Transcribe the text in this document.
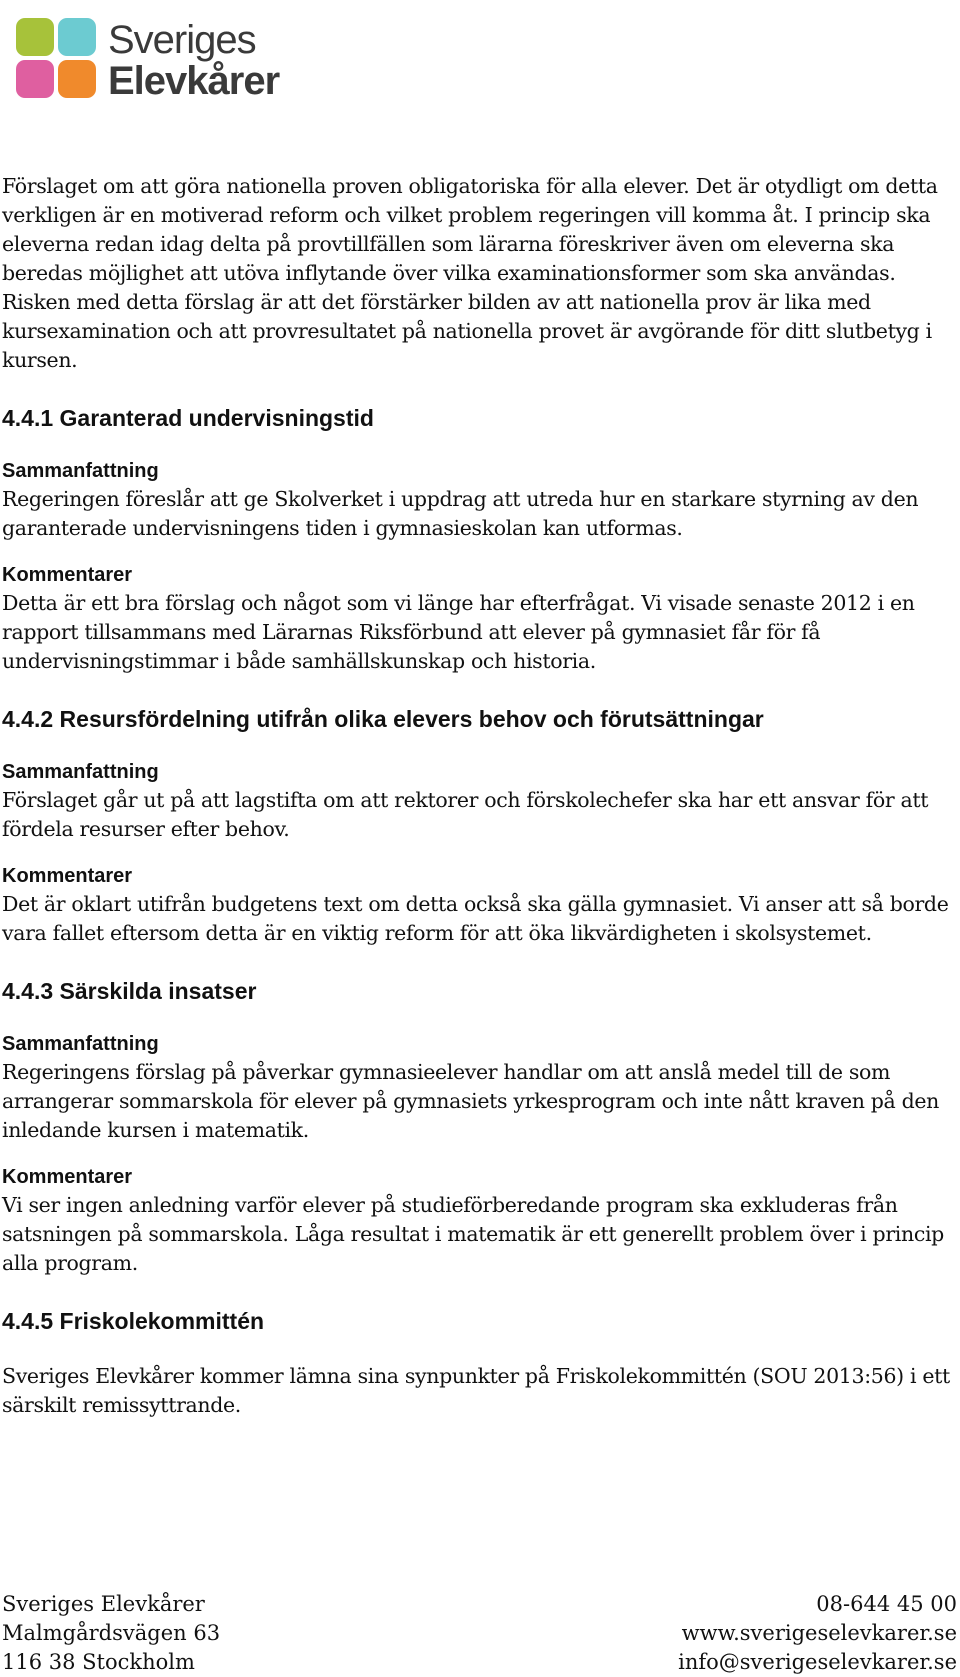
Sveriges
Elevkårer

Förslaget om att göra nationella proven obligatoriska för alla elever. Det är otydligt om detta verkligen är en motiverad reform och vilket problem regeringen vill komma åt. I princip ska eleverna redan idag delta på provtillfällen som lärarna föreskriver även om eleverna ska beredas möjlighet att utöva inflytande över vilka examinationsformer som ska användas. Risken med detta förslag är att det förstärker bilden av att nationella prov är lika med kursexamination och att provresultatet på nationella provet är avgörande för ditt slutbetyg i kursen.

4.4.1 Garanterad undervisningstid
Sammanfattning

Regeringen föreslår att ge Skolverket i uppdrag att utreda hur en starkare styrning av den garanterade undervisningens tiden i gymnasieskolan kan utformas.

Kommentarer

Detta är ett bra förslag och något som vi länge har efterfrågat. Vi visade senaste 2012 i en rapport tillsammans med Lärarnas Riksförbund att elever på gymnasiet får för få undervisningstimmar i både samhällskunskap och historia.

4.4.2 Resursfördelning utifrån olika elevers behov och förutsättningar
Sammanfattning

Förslaget går ut på att lagstifta om att rektorer och förskolechefer ska har ett ansvar för att fördela resurser efter behov.

Kommentarer

Det är oklart utifrån budgetens text om detta också ska gälla gymnasiet. Vi anser att så borde vara fallet eftersom detta är en viktig reform för att öka likvärdigheten i skolsystemet.

4.4.3 Särskilda insatser
Sammanfattning

Regeringens förslag på påverkar gymnasieelever handlar om att anslå medel till de som arrangerar sommarskola för elever på gymnasiets yrkesprogram och inte nått kraven på den inledande kursen i matematik.

Kommentarer

Vi ser ingen anledning varför elever på studieförberedande program ska exkluderas från satsningen på sommarskola. Låga resultat i matematik är ett generellt problem över i princip alla program.

4.4.5 Friskolekommittén

Sveriges Elevkårer kommer lämna sina synpunkter på Friskolekommittén (SOU 2013:56) i ett särskilt remissyttrande.

Sveriges Elevkårer
Malmgårdsvägen 63
116 38 Stockholm
08-644 45 00
www.sverigeselevkarer.se
info@sverigeselevkarer.se
